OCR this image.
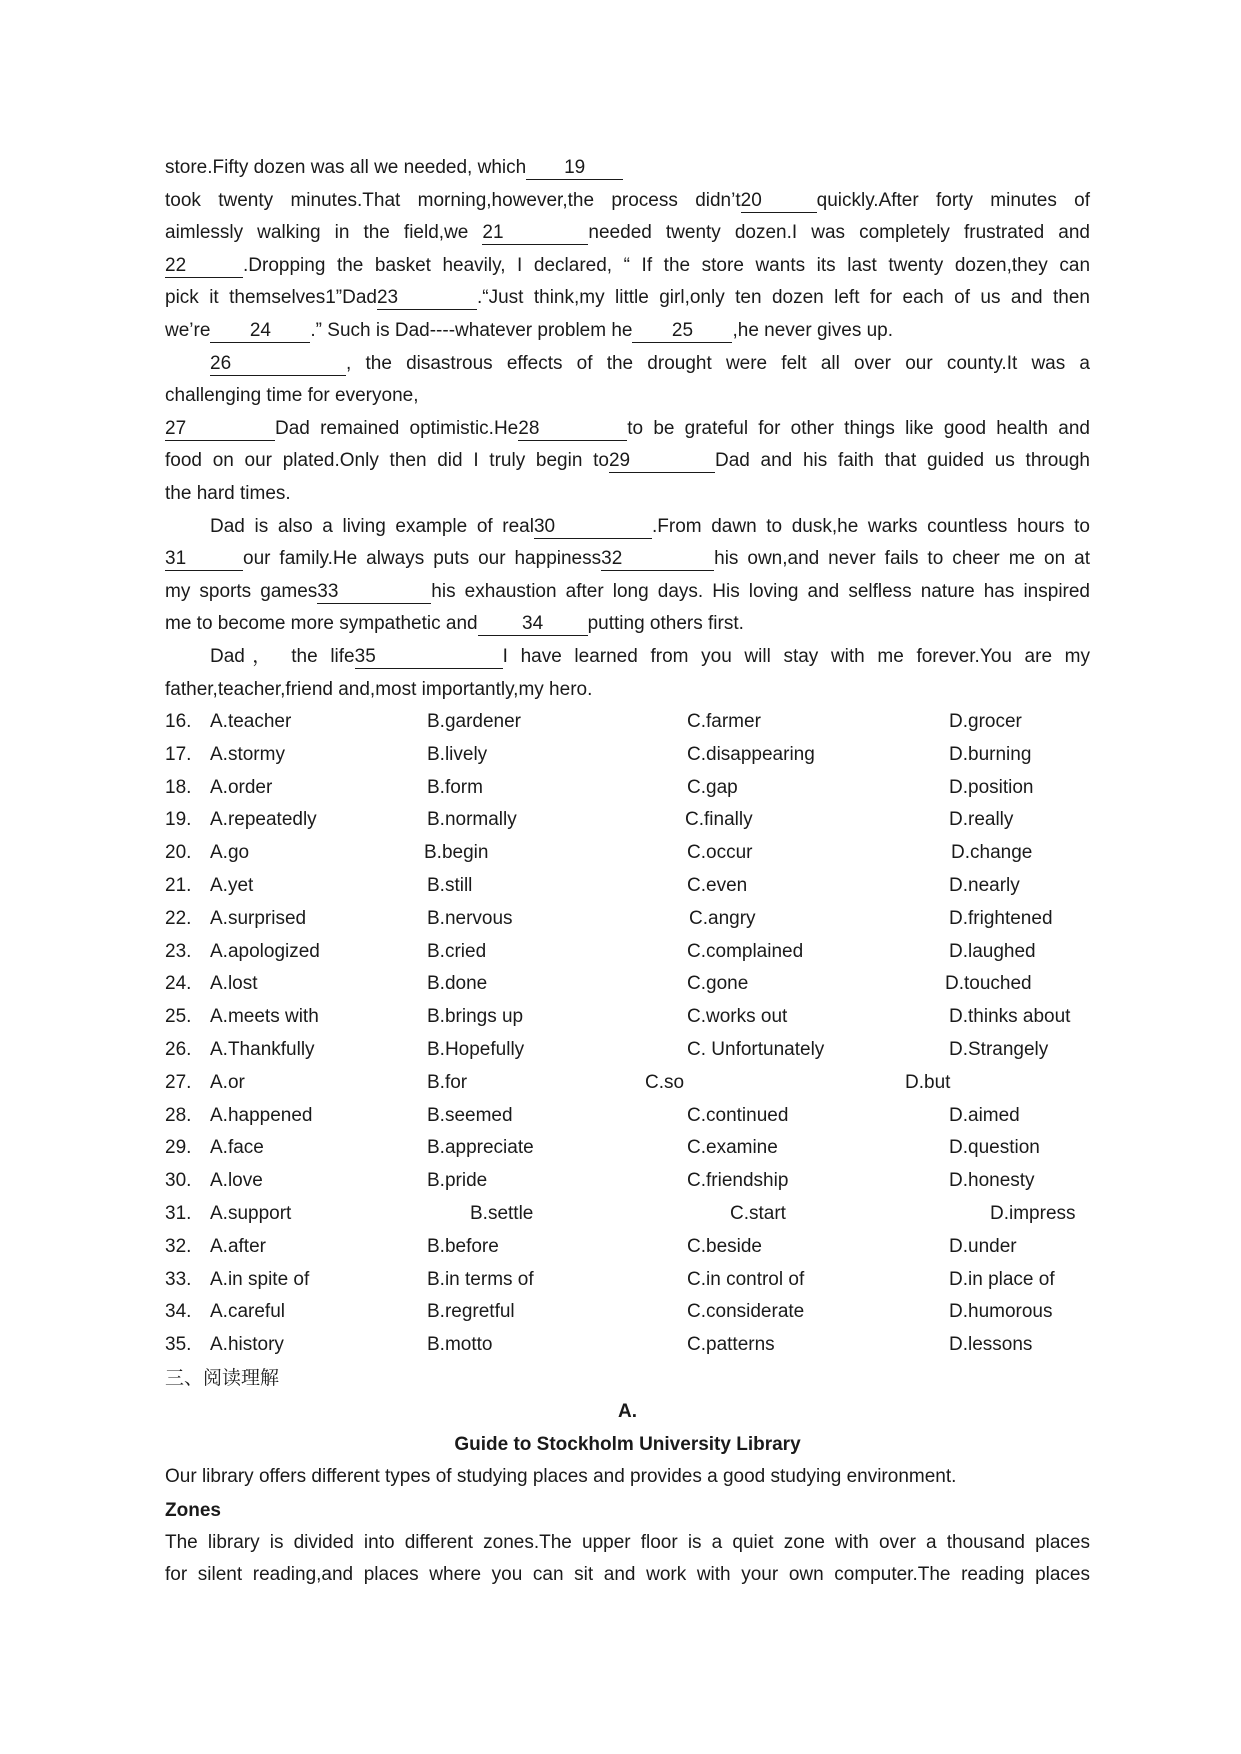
store.Fifty dozen was all we needed, which 19
took twenty minutes.That morning,however,the process didn’t20	quickly.After forty minutes of
aimlessly walking in the field,we 21	needed twenty dozen.I was completely frustrated and
22	.Dropping the basket heavily, I declared, “ If the store wants its last twenty dozen,they can
pick it themselves1”Dad23	.“Just think,my little girl,only ten dozen left for each of us and then
we’re 24 .” Such is Dad----whatever problem he 25 ,he never gives up.
26	, the disastrous effects of the drought were felt all over our county.It was a
challenging time for everyone,
27	Dad remained optimistic.He28	to be grateful for other things like good health and
food on our plated.Only then did I truly begin to29	Dad and his faith that guided us through
the hard times.
Dad is also a living example of real30	.From dawn to dusk,he warks countless hours to
31	our family.He always puts our happiness32	his own,and never fails to cheer me on at
my sports games33	his exhaustion after long days. His loving and selfless nature has inspired
me to become more sympathetic and 34 putting others first.
Dad， the life35	I have learned from you will stay with me forever.You are my
father,teacher,friend and,most importantly,my hero.
16. A.teacher	B.gardener	C.farmer	D.grocer
17. A.stormy	B.lively	C.disappearing	D.burning
18. A.order	B.form	C.gap	D.position
19. A.repeatedly	B.normally	C.finally	D.really
20. A.go	B.begin	C.occur	D.change
21. A.yet	B.still	C.even	D.nearly
22. A.surprised	B.nervous	C.angry	D.frightened
23. A.apologized	B.cried	C.complained	D.laughed
24. A.lost	B.done	C.gone	D.touched
25. A.meets with	B.brings up	C.works out	D.thinks about
26. A.Thankfully	B.Hopefully	C. Unfortunately	D.Strangely
27. A.or	B.for	C.so	D.but
28. A.happened	B.seemed	C.continued	D.aimed
29. A.face	B.appreciate	C.examine	D.question
30. A.love	B.pride	C.friendship	D.honesty
31. A.support	B.settle	C.start	D.impress
32. A.after	B.before	C.beside	D.under
33. A.in spite of	B.in terms of	C.in control of	D.in place of
34. A.careful	B.regretful	C.considerate	D.humorous
35. A.history	B.motto	C.patterns	D.lessons
三、阅读理解
A.
Guide to Stockholm University Library
Our library offers different types of studying places and provides a good studying environment.
Zones
The library is divided into different zones.The upper floor is a quiet zone with over a thousand places
for silent reading,and places where you can sit and work with your own computer.The reading places
